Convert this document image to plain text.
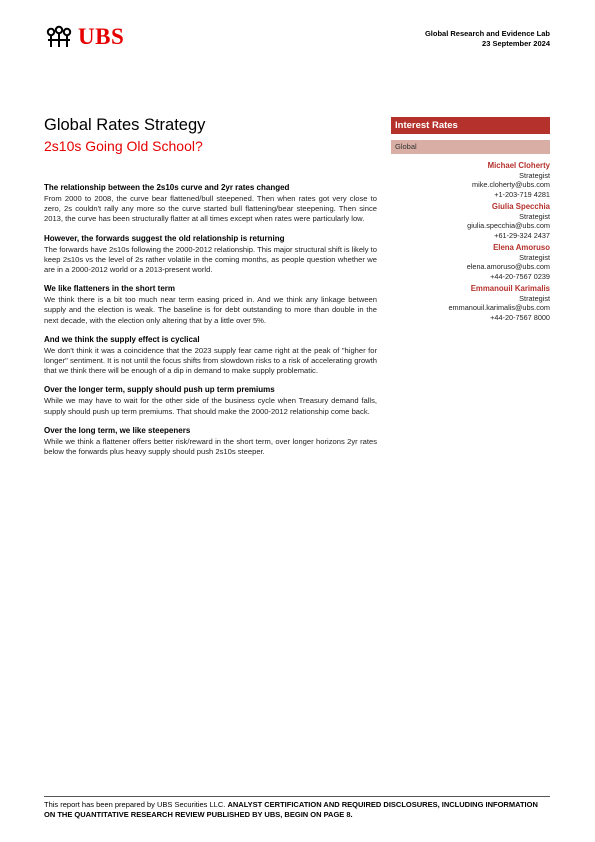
UBS	Global Research and Evidence Lab
23 September 2024
Global Rates Strategy
2s10s Going Old School?
Interest Rates
Global
Michael Cloherty
Strategist
mike.cloherty@ubs.com
+1-203-719 4281
Giulia Specchia
Strategist
giulia.specchia@ubs.com
+61-29-324 2437
Elena Amoruso
Strategist
elena.amoruso@ubs.com
+44-20-7567 0239
Emmanouil Karimalis
Strategist
emmanouil.karimalis@ubs.com
+44-20-7567 8000
The relationship between the 2s10s curve and 2yr rates changed
From 2000 to 2008, the curve bear flattened/bull steepened. Then when rates got very close to zero, 2s couldn't rally any more so the curve started bull flattening/bear steepening. Then since 2013, the curve has been structurally flatter at all times except when rates were particularly low.
However, the forwards suggest the old relationship is returning
The forwards have 2s10s following the 2000-2012 relationship. This major structural shift is likely to keep 2s10s vs the level of 2s rather volatile in the coming months, as people question whether we are in a 2000-2012 world or a 2013-present world.
We like flatteners in the short term
We think there is a bit too much near term easing priced in. And we think any linkage between supply and the election is weak. The baseline is for debt outstanding to more than double in the next decade, with the election only altering that by a little over 5%.
And we think the supply effect is cyclical
We don't think it was a coincidence that the 2023 supply fear came right at the peak of "higher for longer" sentiment. It is not until the focus shifts from slowdown risks to a risk of accelerating growth that we think there will be enough of a dip in demand to make supply problematic.
Over the longer term, supply should push up term premiums
While we may have to wait for the other side of the business cycle when Treasury demand falls, supply should push up term premiums. That should make the 2000-2012 relationship come back.
Over the long term, we like steepeners
While we think a flattener offers better risk/reward in the short term, over longer horizons 2yr rates below the forwards plus heavy supply should push 2s10s steeper.
This report has been prepared by UBS Securities LLC. ANALYST CERTIFICATION AND REQUIRED DISCLOSURES, INCLUDING INFORMATION ON THE QUANTITATIVE RESEARCH REVIEW PUBLISHED BY UBS, BEGIN ON PAGE 8.
